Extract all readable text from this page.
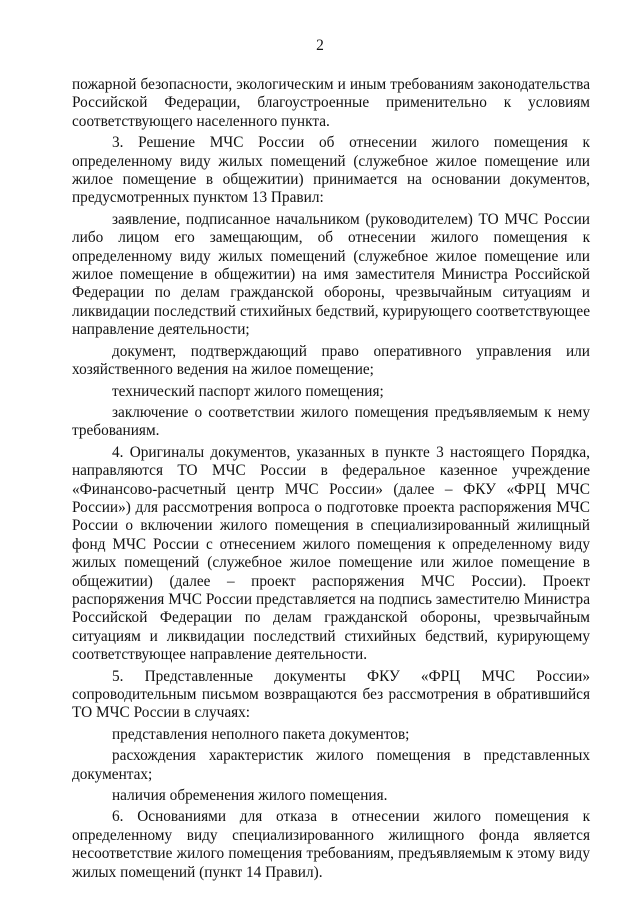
2

пожарной безопасности, экологическим и иным требованиям законодательства Российской Федерации, благоустроенные применительно к условиям соответствующего населенного пункта.

3. Решение МЧС России об отнесении жилого помещения к определенному виду жилых помещений (служебное жилое помещение или жилое помещение в общежитии) принимается на основании документов, предусмотренных пунктом 13 Правил:

заявление, подписанное начальником (руководителем) ТО МЧС России либо лицом его замещающим, об отнесении жилого помещения к определенному виду жилых помещений (служебное жилое помещение или жилое помещение в общежитии) на имя заместителя Министра Российской Федерации по делам гражданской обороны, чрезвычайным ситуациям и ликвидации последствий стихийных бедствий, курирующего соответствующее направление деятельности;

документ, подтверждающий право оперативного управления или хозяйственного ведения на жилое помещение;

технический паспорт жилого помещения;

заключение о соответствии жилого помещения предъявляемым к нему требованиям.

4. Оригиналы документов, указанных в пункте 3 настоящего Порядка, направляются ТО МЧС России в федеральное казенное учреждение «Финансово-расчетный центр МЧС России» (далее – ФКУ «ФРЦ МЧС России») для рассмотрения вопроса о подготовке проекта распоряжения МЧС России о включении жилого помещения в специализированный жилищный фонд МЧС России с отнесением жилого помещения к определенному виду жилых помещений (служебное жилое помещение или жилое помещение в общежитии) (далее – проект распоряжения МЧС России). Проект распоряжения МЧС России представляется на подпись заместителю Министра Российской Федерации по делам гражданской обороны, чрезвычайным ситуациям и ликвидации последствий стихийных бедствий, курирующему соответствующее направление деятельности.

5. Представленные документы ФКУ «ФРЦ МЧС России» сопроводительным письмом возвращаются без рассмотрения в обратившийся ТО МЧС России в случаях:

представления неполного пакета документов;

расхождения характеристик жилого помещения в представленных документах;

наличия обременения жилого помещения.

6. Основаниями для отказа в отнесении жилого помещения к определенному виду специализированного жилищного фонда является несоответствие жилого помещения требованиям, предъявляемым к этому виду жилых помещений (пункт 14 Правил).
